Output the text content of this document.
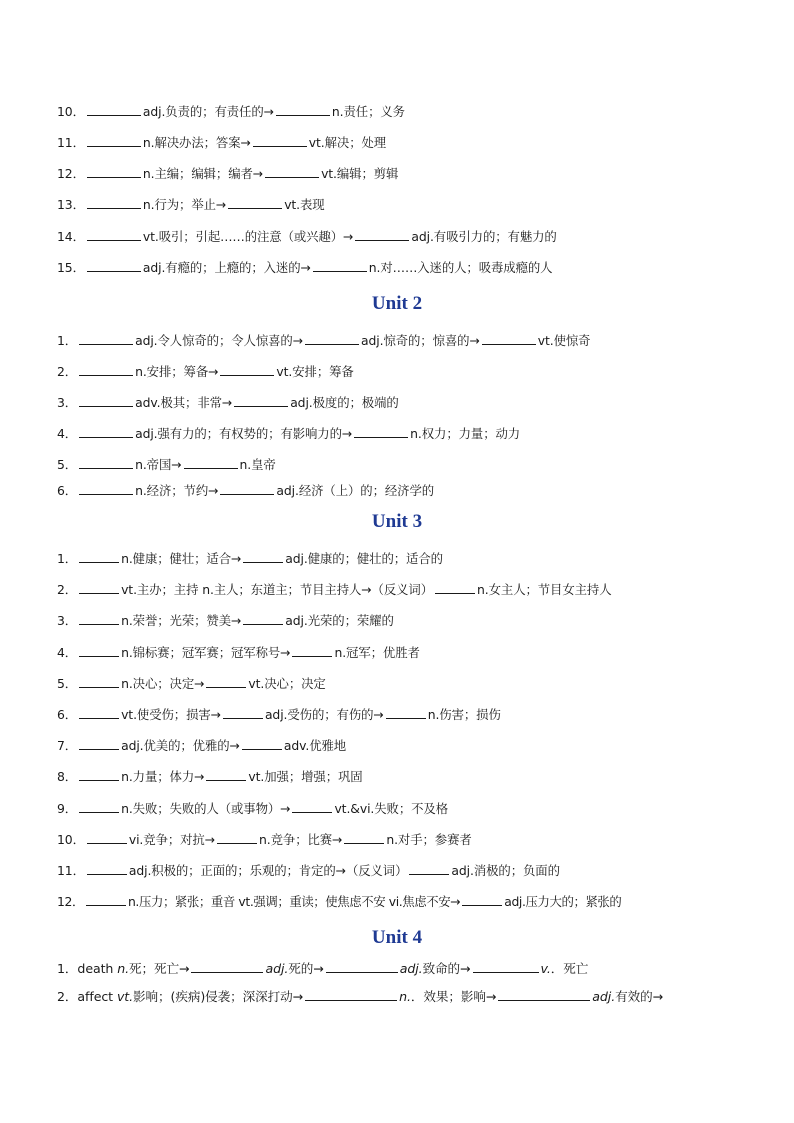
10．	adj.负责的；有责任的→	n.责任；义务
11．	n.解决办法；答案→	vt.解决；处理
12．	n.主编；编辑；编者→	vt.编辑；剪辑
13．	n.行为；举止→	vt.表现
14．	vt.吸引；引起……的注意（或兴趣）→	adj.有吸引力的；有魅力的
15．	adj.有瘾的；上瘾的；入迷的→	n.对……入迷的人；吸毒成瘾的人
Unit 2
1．	adj.令人惊奇的；令人惊喜的→	adj.惊奇的；惊喜的→	vt.使惊奇
2．	n.安排；筹备→	vt.安排；筹备
3．	adv.极其；非常→	adj.极度的；极端的
4．	adj.强有力的；有权势的；有影响力的→	n.权力；力量；动力
5．	n.帝国→	n.皇帝
6．	n.经济；节约→	adj.经济（上）的；经济学的
Unit 3
1．	n.健康；健壮；适合→	adj.健康的；健壮的；适合的
2．	vt.主办；主持 n.主人；东道主；节目主持人→（反义词）	n.女主人；节目女主持人
3．	n.荣誉；光荣；赞美→	adj.光荣的；荣耀的
4．	n.锦标赛；冠军赛；冠军称号→	n.冠军；优胜者
5．	n.决心；决定→	vt.决心；决定
6．	vt.使受伤；损害→	adj.受伤的；有伤的→	n.伤害；损伤
7．	adj.优美的；优雅的→	adv.优雅地
8．	n.力量；体力→	vt.加强；增强；巩固
9．	n.失败；失败的人（或事物）→	vt.&vi.失败；不及格
10．	vi.竞争；对抗→	n.竞争；比赛→	n.对手；参赛者
11．	adj.积极的；正面的；乐观的；肯定的→（反义词）	adj.消极的；负面的
12．	n.压力；紧张；重音 vt.强调；重读；使焦虑不安 vi.焦虑不安→	adj.压力大的；紧张的
Unit 4
1．death n.死；死亡→	adj.死的→	adj.致命的→	v.．死亡
2．affect vt.影响；(疾病)侵袭；深深打动→	n.．效果；影响→	adj.有效的→
